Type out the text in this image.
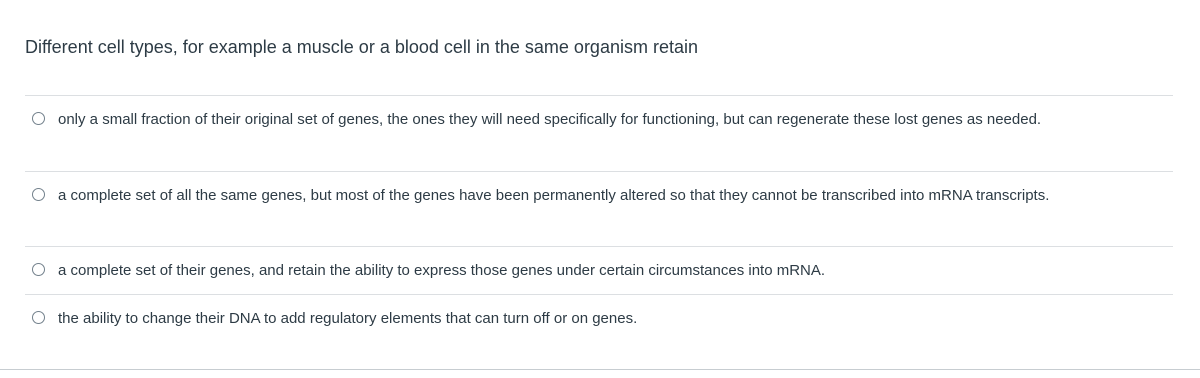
Different cell types, for example a muscle or a blood cell in the same organism retain
only a small fraction of their original set of genes, the ones they will need specifically for functioning, but can regenerate these lost genes as needed.
a complete set of all the same genes, but most of the genes have been permanently altered so that they cannot be transcribed into mRNA transcripts.
a complete set of their genes, and retain the ability to express those genes under certain circumstances into mRNA.
the ability to change their DNA to add regulatory elements that can turn off or on genes.
